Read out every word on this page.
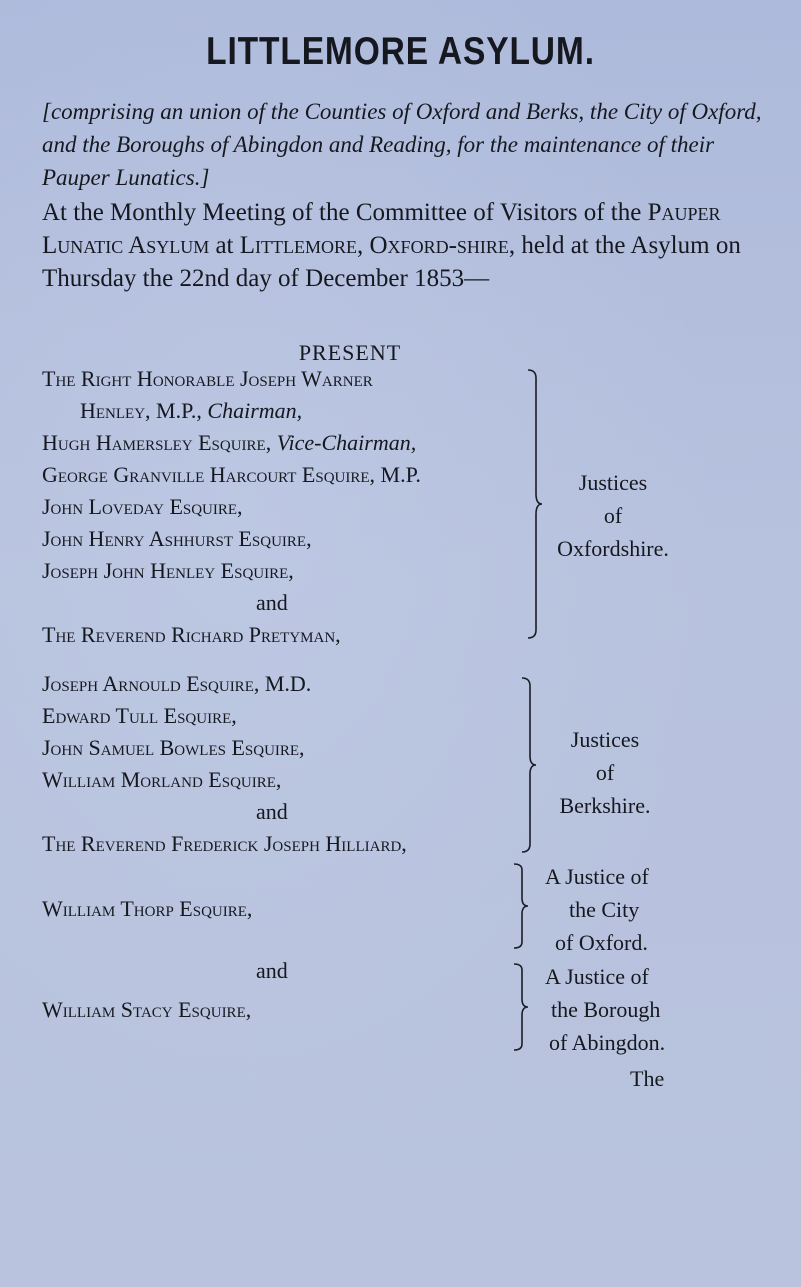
LITTLEMORE ASYLUM.
[comprising an union of the Counties of Oxford and Berks, the City of Oxford, and the Boroughs of Abingdon and Reading, for the maintenance of their Pauper Lunatics.]
At the Monthly Meeting of the Committee of Visitors of the Pauper Lunatic Asylum at Littlemore, Oxford-shire, held at the Asylum on Thursday the 22nd day of December 1853—
PRESENT
The Right Honorable Joseph Warner
Henley, M.P., Chairman,
Hugh Hamersley Esquire, Vice-Chairman,
George Granville Harcourt Esquire, M.P.
John Loveday Esquire,
John Henry Ashhurst Esquire,
Joseph John Henley Esquire,
and
The Reverend Richard Pretyman,
Justices
of
Oxfordshire.
Joseph Arnould Esquire, M.D.
Edward Tull Esquire,
John Samuel Bowles Esquire,
William Morland Esquire,
and
The Reverend Frederick Joseph Hilliard,
Justices
of
Berkshire.
William Thorp Esquire,
A Justice of
the City
of Oxford.
and
William Stacy Esquire,
A Justice of
the Borough
of Abingdon.
The
